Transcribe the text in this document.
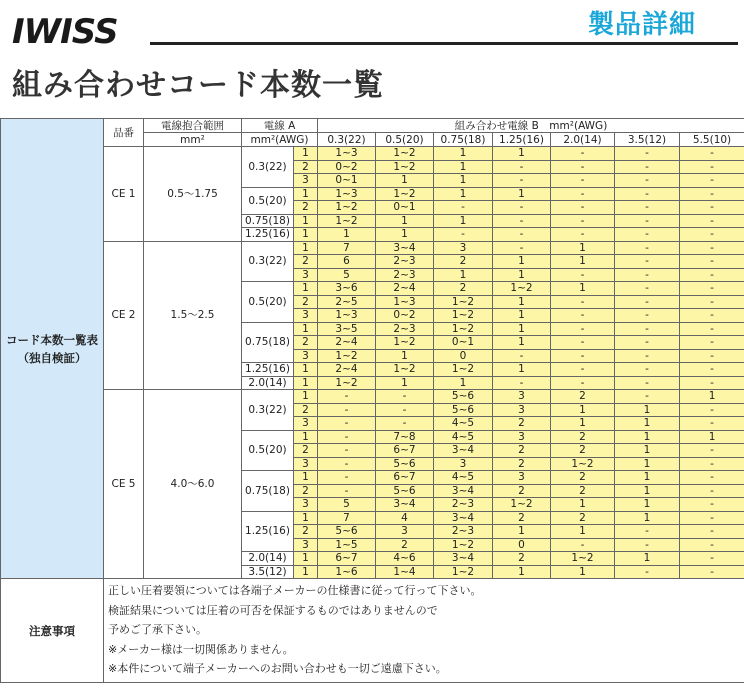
IWISS	製品詳細
組み合わせコード本数一覧
コード本数一覧表
（独自検証）	品番	電線抱合範囲	電線 A		組み合わせ電線 B　mm²(AWG)						
		mm²	mm²(AWG)		0.3(22)	0.5(20)	0.75(18)	1.25(16)	2.0(14)	3.5(12)	5.5(10)
	CE 1	0.5～1.75	0.3(22)	1	1~3	1~2	1	1	-	-	-
				2	0~2	1~2	1	-	-	-	-
				3	0~1	1	1	-	-	-	-
			0.5(20)	1	1~3	1~2	1	1	-	-	-
				2	1~2	0~1	-	-	-	-	-
			0.75(18)	1	1~2	1	1	-	-	-	-
			1.25(16)	1	1	1	-	-	-	-	-
	CE 2	1.5～2.5	0.3(22)	1	7	3~4	3	-	1	-	-
				2	6	2~3	2	1	1	-	-
				3	5	2~3	1	1	-	-	-
			0.5(20)	1	3~6	2~4	2	1~2	1	-	-
				2	2~5	1~3	1~2	1	-	-	-
				3	1~3	0~2	1~2	1	-	-	-
			0.75(18)	1	3~5	2~3	1~2	1	-	-	-
				2	2~4	1~2	0~1	1	-	-	-
				3	1~2	1	0	-	-	-	-
			1.25(16)	1	2~4	1~2	1~2	1	-	-	-
			2.0(14)	1	1~2	1	1	-	-	-	-
	CE 5	4.0～6.0	0.3(22)	1	-	-	5~6	3	2	-	1
				2	-	-	5~6	3	1	1	-
				3	-	-	4~5	2	1	1	-
			0.5(20)	1	-	7~8	4~5	3	2	1	1
				2	-	6~7	3~4	2	2	1	-
				3	-	5~6	3	2	1~2	1	-
			0.75(18)	1	-	6~7	4~5	3	2	1	-
				2	-	5~6	3~4	2	2	1	-
				3	5	3~4	2~3	1~2	1	1	-
			1.25(16)	1	7	4	3~4	2	2	1	-
				2	5~6	3	2~3	1	1	-	-
				3	1~5	2	1~2	0	-	-	-
			2.0(14)	1	6~7	4~6	3~4	2	1~2	1	-
			3.5(12)	1	1~6	1~4	1~2	1	1	-	-
注意事項	正しい圧着要領については各端子メーカーの仕様書に従って行って下さい。
検証結果については圧着の可否を保証するものではありませんので
予めご了承下さい。
※メーカー様は一切関係ありません。
※本件について端子メーカーへのお問い合わせも一切ご遠慮下さい。										
